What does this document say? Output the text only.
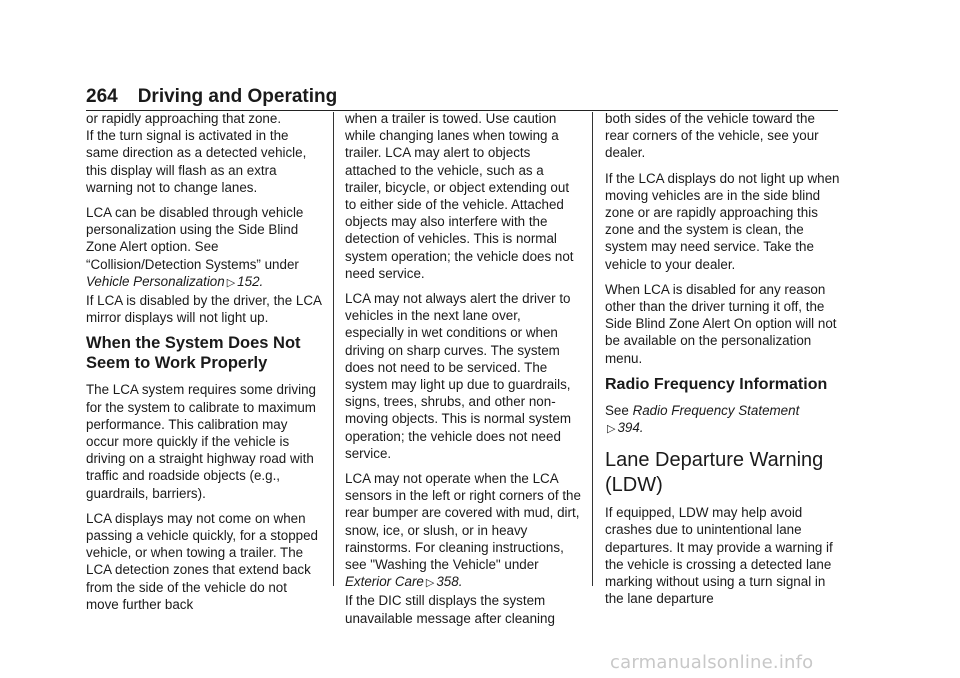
264 Driving and Operating

or rapidly approaching that zone.

If the turn signal is activated in the same direction as a detected vehicle, this display will flash as an extra warning not to change lanes.

LCA can be disabled through vehicle personalization using the Side Blind Zone Alert option. See “Collision/Detection Systems” under Vehicle Personalization ▷ 152.

If LCA is disabled by the driver, the LCA mirror displays will not light up.

When the System Does Not Seem to Work Properly

The LCA system requires some driving for the system to calibrate to maximum performance. This calibration may occur more quickly if the vehicle is driving on a straight highway road with traffic and roadside objects (e.g., guardrails, barriers).

LCA displays may not come on when passing a vehicle quickly, for a stopped vehicle, or when towing a trailer. The LCA detection zones that extend back from the side of the vehicle do not move further back

when a trailer is towed. Use caution while changing lanes when towing a trailer. LCA may alert to objects attached to the vehicle, such as a trailer, bicycle, or object extending out to either side of the vehicle. Attached objects may also interfere with the detection of vehicles. This is normal system operation; the vehicle does not need service.

LCA may not always alert the driver to vehicles in the next lane over, especially in wet conditions or when driving on sharp curves. The system does not need to be serviced. The system may light up due to guardrails, signs, trees, shrubs, and other non-moving objects. This is normal system operation; the vehicle does not need service.

LCA may not operate when the LCA sensors in the left or right corners of the rear bumper are covered with mud, dirt, snow, ice, or slush, or in heavy rainstorms. For cleaning instructions, see "Washing the Vehicle" under Exterior Care ▷ 358.

If the DIC still displays the system unavailable message after cleaning

both sides of the vehicle toward the rear corners of the vehicle, see your dealer.

If the LCA displays do not light up when moving vehicles are in the side blind zone or are rapidly approaching this zone and the system is clean, the system may need service. Take the vehicle to your dealer.

When LCA is disabled for any reason other than the driver turning it off, the Side Blind Zone Alert On option will not be available on the personalization menu.

Radio Frequency Information

See Radio Frequency Statement
▷ 394.

Lane Departure Warning (LDW)

If equipped, LDW may help avoid crashes due to unintentional lane departures. It may provide a warning if the vehicle is crossing a detected lane marking without using a turn signal in the lane departure

carmanualsonline.info
